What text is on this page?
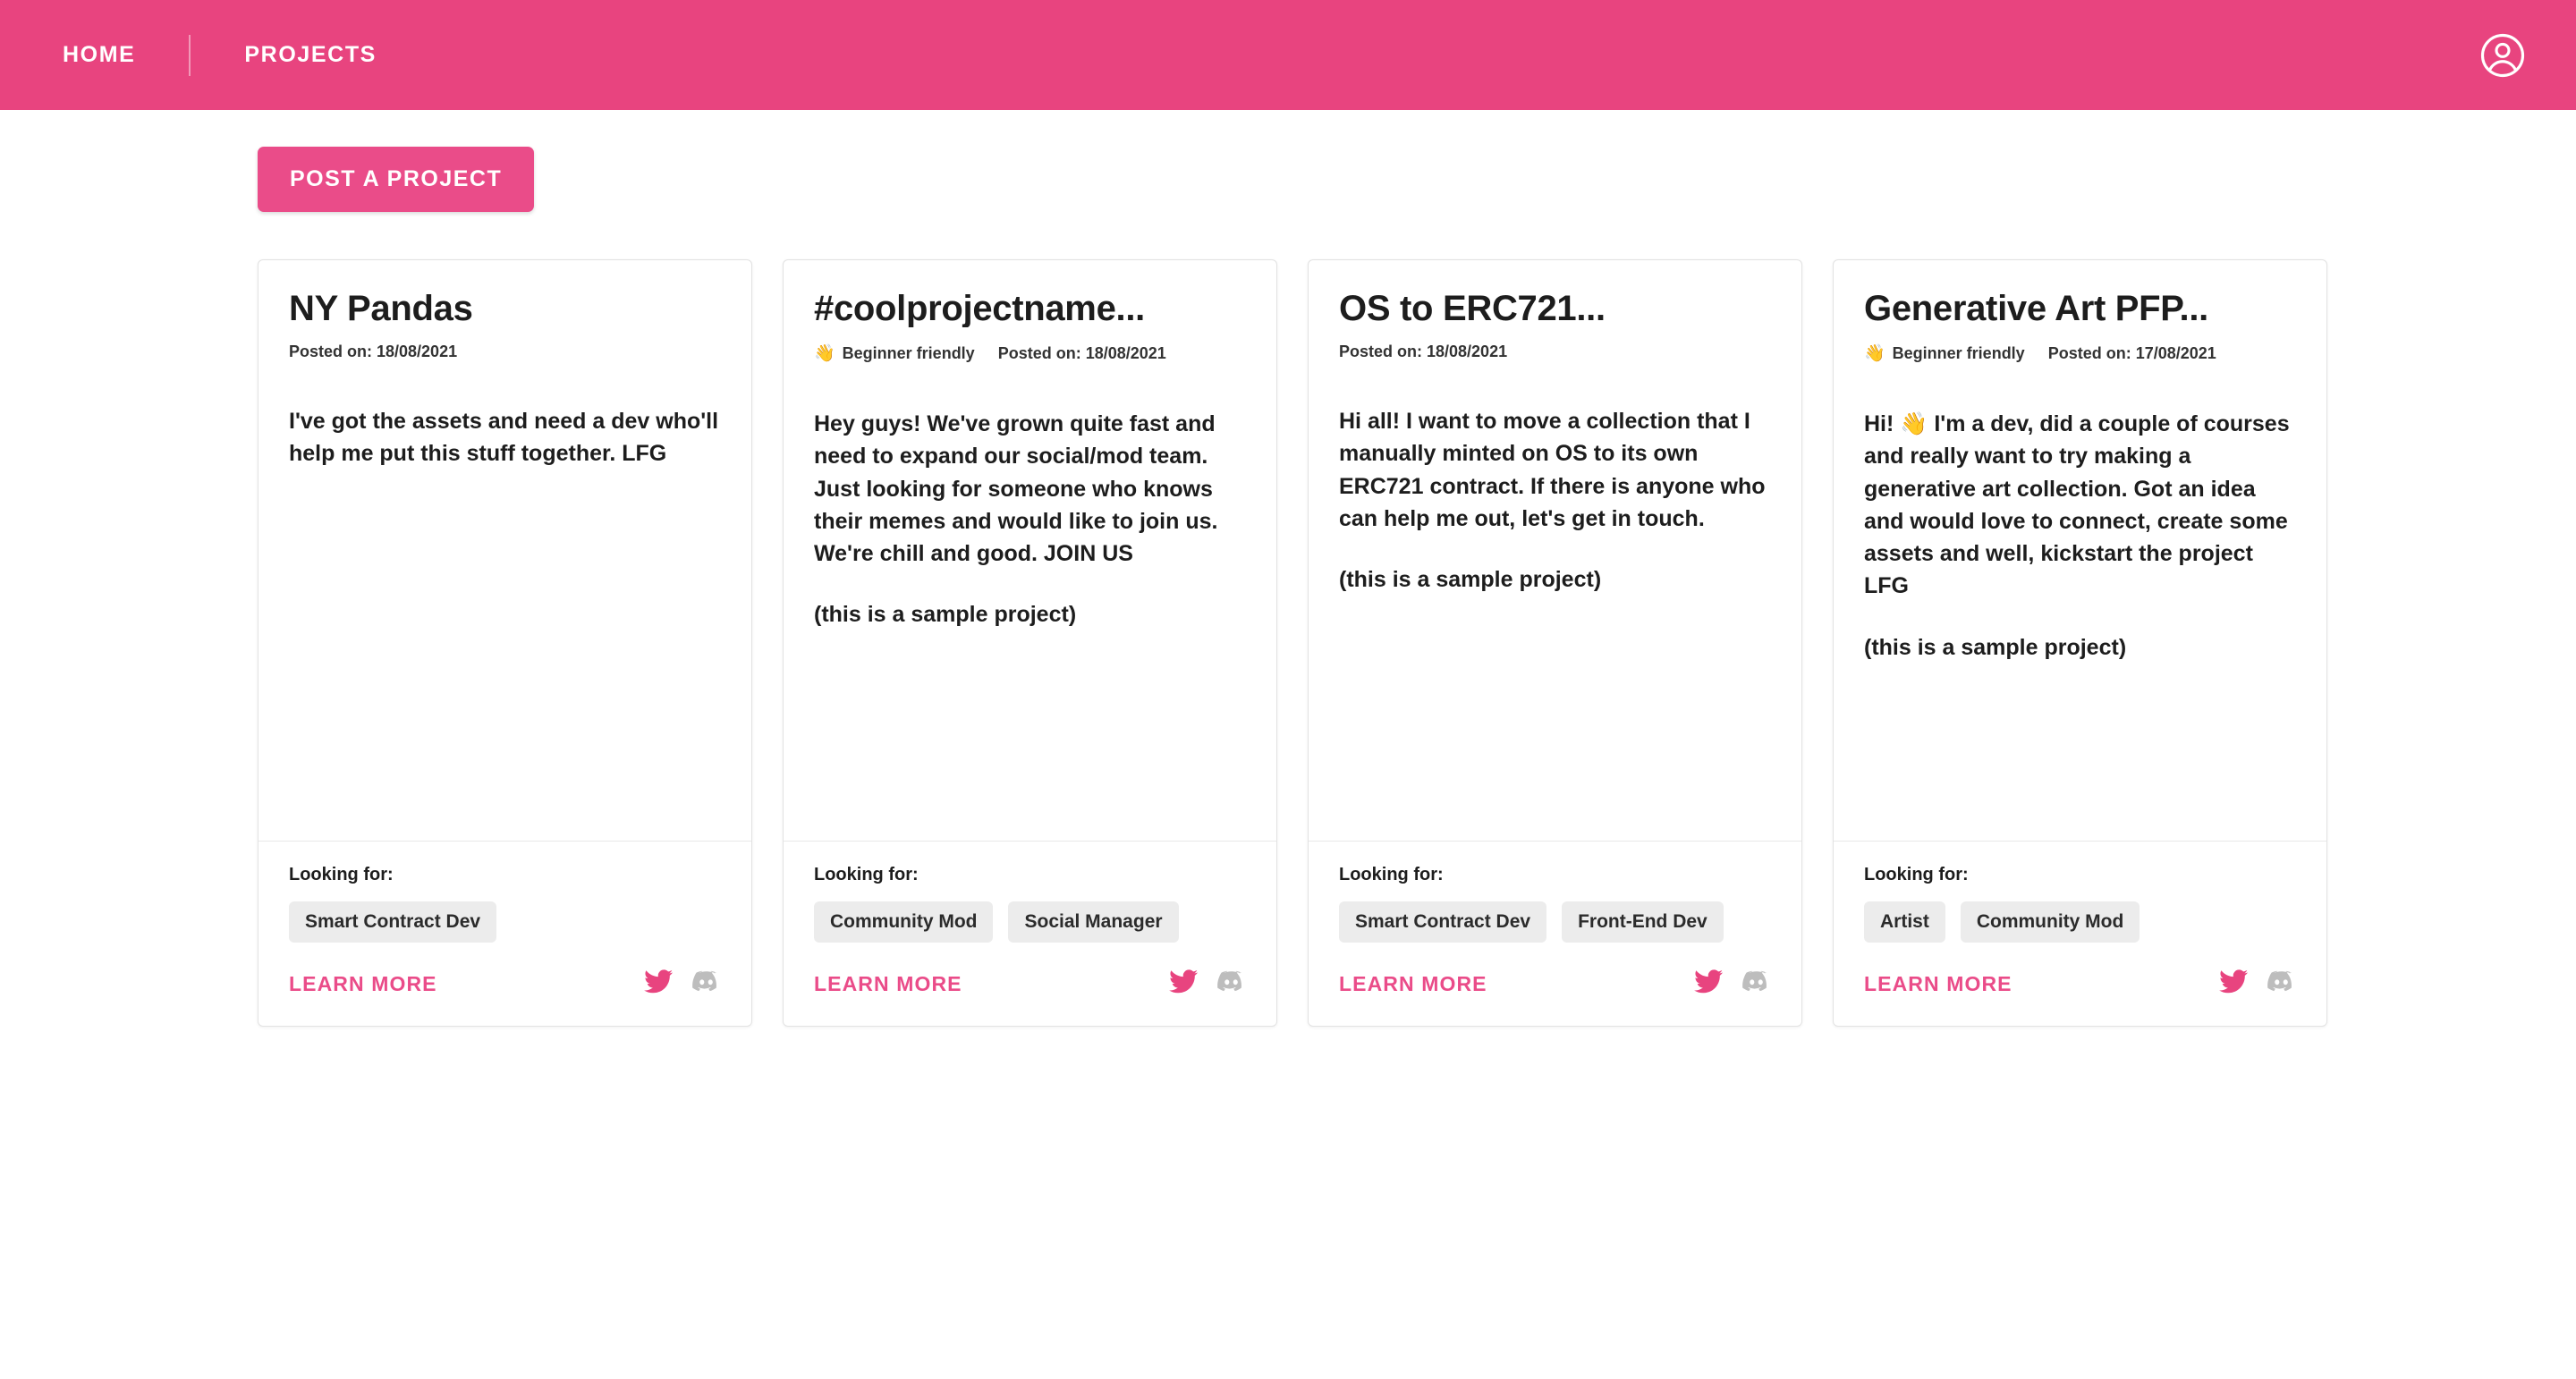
HOME	PROJECTS
POST A PROJECT
NY Pandas
Posted on: 18/08/2021
I've got the assets and need a dev who'll help me put this stuff together. LFG
Looking for:
Smart Contract Dev
LEARN MORE
#coolprojectname...
👋 Beginner friendly Posted on: 18/08/2021
Hey guys! We've grown quite fast and need to expand our social/mod team. Just looking for someone who knows their memes and would like to join us. We're chill and good. JOIN US
(this is a sample project)
Looking for:
Community Mod	Social Manager
LEARN MORE
OS to ERC721...
Posted on: 18/08/2021
Hi all! I want to move a collection that I manually minted on OS to its own ERC721 contract. If there is anyone who can help me out, let's get in touch.
(this is a sample project)
Looking for:
Smart Contract Dev	Front-End Dev
LEARN MORE
Generative Art PFP...
👋 Beginner friendly Posted on: 17/08/2021
Hi! 👋 I'm a dev, did a couple of courses and really want to try making a generative art collection. Got an idea and would love to connect, create some assets and well, kickstart the project LFG
(this is a sample project)
Looking for:
Artist	Community Mod
LEARN MORE
